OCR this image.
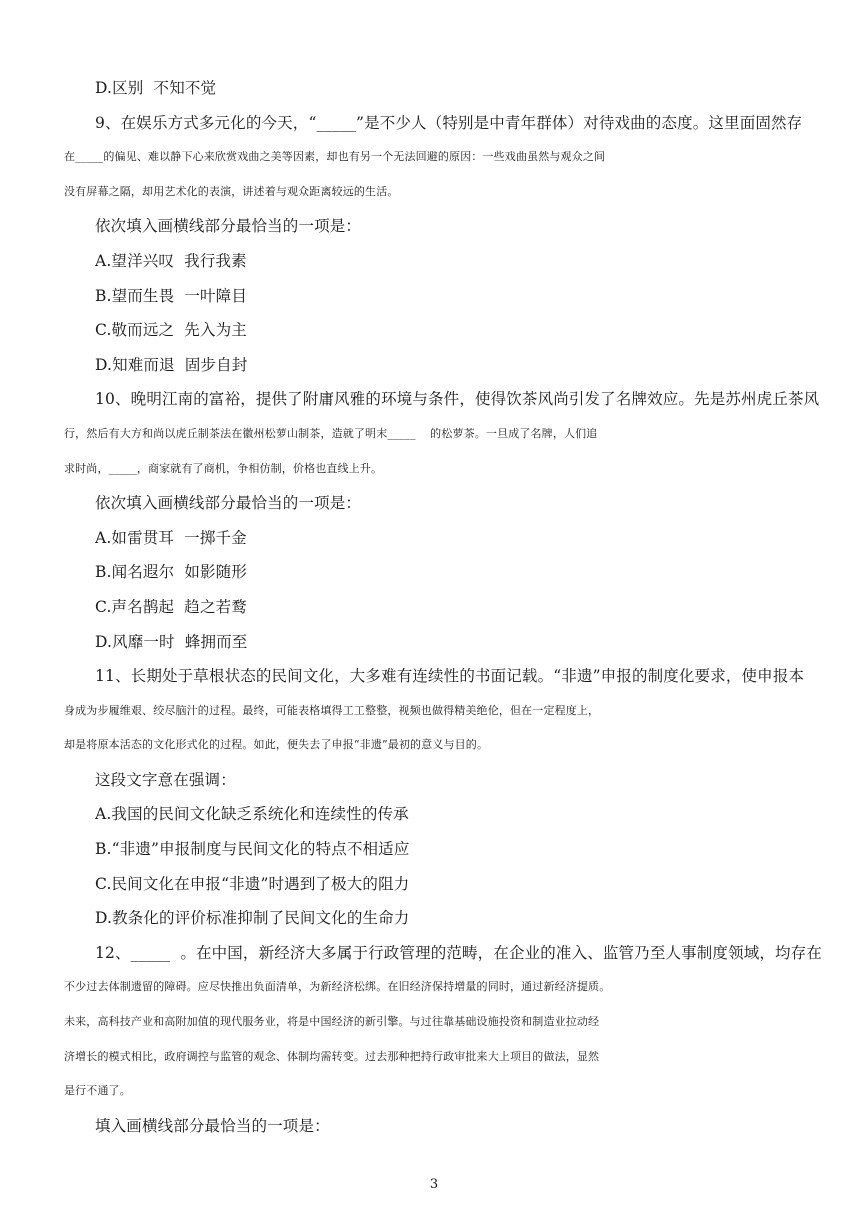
D.区别  不知不觉
9、在娱乐方式多元化的今天，“_____”是不少人（特别是中青年群体）对待戏曲的态度。这里面固然存
在_____的偏见、难以静下心来欣赏戏曲之美等因素，却也有另一个无法回避的原因：一些戏曲虽然与观众之间
没有屏幕之隔，却用艺术化的表演，讲述着与观众距离较远的生活。
依次填入画横线部分最恰当的一项是：
A.望洋兴叹  我行我素
B.望而生畏  一叶障目
C.敬而远之  先入为主
D.知难而退  固步自封
10、晚明江南的富裕，提供了附庸风雅的环境与条件，使得饮茶风尚引发了名牌效应。先是苏州虎丘茶风
行，然后有大方和尚以虎丘制茶法在徽州松萝山制茶，造就了明末_____    的松萝茶。一旦成了名牌，人们追
求时尚，_____，商家就有了商机，争相仿制，价格也直线上升。
依次填入画横线部分最恰当的一项是：
A.如雷贯耳  一掷千金
B.闻名遐尔  如影随形
C.声名鹊起  趋之若鹜
D.风靡一时  蜂拥而至
11、长期处于草根状态的民间文化，大多难有连续性的书面记载。“非遗”申报的制度化要求，使申报本
身成为步履维艰、绞尽脑汁的过程。最终，可能表格填得工工整整，视频也做得精美绝伦，但在一定程度上，
却是将原本活态的文化形式化的过程。如此，便失去了申报“非遗”最初的意义与目的。
这段文字意在强调：
A.我国的民间文化缺乏系统化和连续性的传承
B.“非遗”申报制度与民间文化的特点不相适应
C.民间文化在申报“非遗”时遇到了极大的阻力
D.教条化的评价标准抑制了民间文化的生命力
12、_____  。在中国，新经济大多属于行政管理的范畴，在企业的准入、监管乃至人事制度领域，均存在
不少过去体制遗留的障碍。应尽快推出负面清单，为新经济松绑。在旧经济保持增量的同时，通过新经济提质。
未来，高科技产业和高附加值的现代服务业，将是中国经济的新引擎。与过往靠基础设施投资和制造业拉动经
济增长的模式相比，政府调控与监管的观念、体制均需转变。过去那种把持行政审批来大上项目的做法，显然
是行不通了。
填入画横线部分最恰当的一项是：
3
